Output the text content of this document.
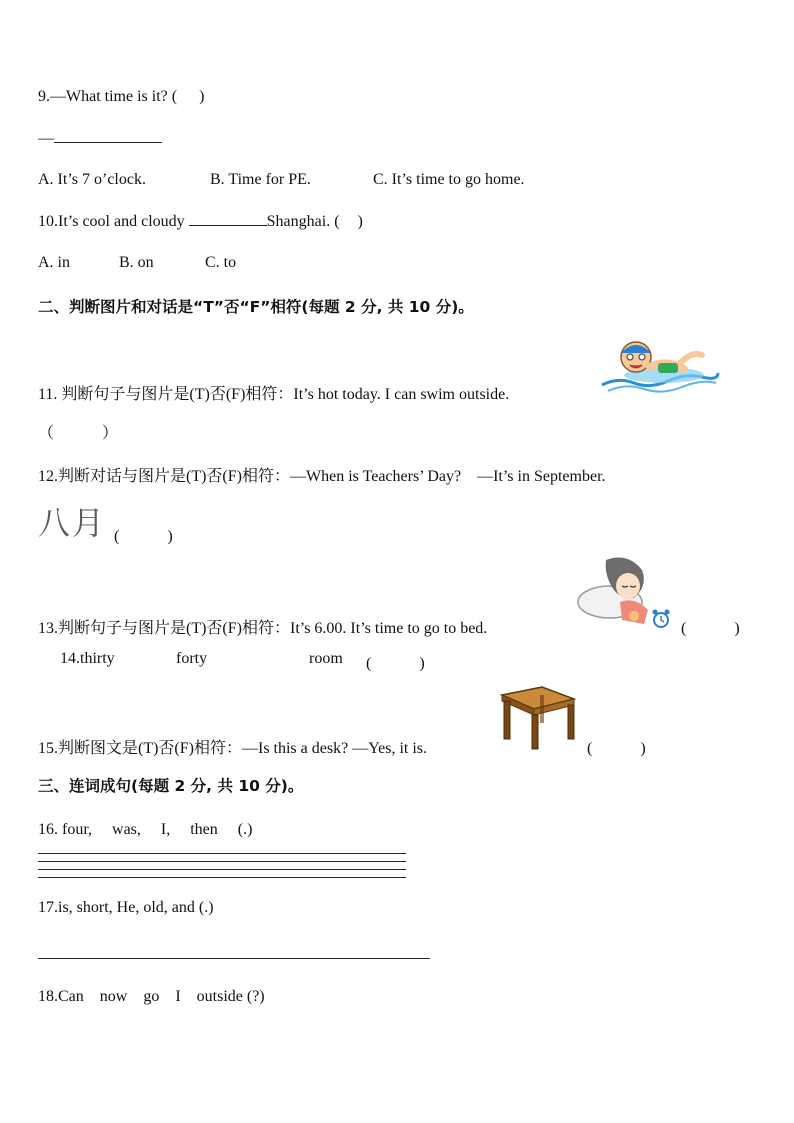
9.—What time is it? ( )
—
A. It’s 7 o’clock.	B. Time for PE.	C. It’s time to go home.
10.It’s cool and cloudy	Shanghai. ( )
A. in	B. on	C. to
二、判断图片和对话是“T”否“F”相符(每题 2 分, 共 10 分)。
11. 判断句子与图片是(T)否(F)相符：It’s hot today. I can swim outside.
（　　　）
12.判断对话与图片是(T)否(F)相符：—When is Teachers’ Day?　—It’s in September.
八月 (　　　)
13.判断句子与图片是(T)否(F)相符：It’s 6.00. It’s time to go to bed.	(　　　)
14.thirty	forty	room (　　　)
15.判断图文是(T)否(F)相符：—Is this a desk? —Yes, it is.	(　　　)
三、连词成句(每题 2 分, 共 10 分)。
16. four,　 was,　 I,　 then　 (.)
17.is, short, He, old, and (.)
18.Can　now　go　I　outside (?)
